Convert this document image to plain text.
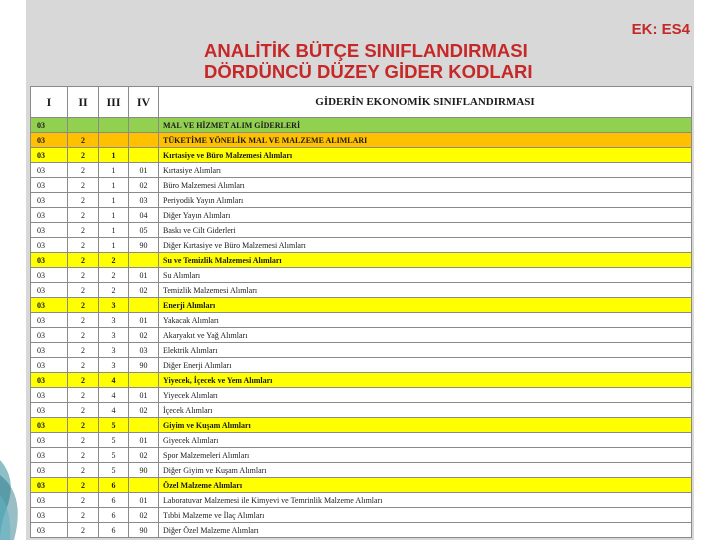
EK: ES4
ANALİTİK BÜTÇE SINIFLANDIRMASI
DÖRDÜNCÜ DÜZEY GİDER KODLARI
I	II	III	IV	GİDERİN EKONOMİK SINIFLANDIRMASI
03				MAL VE HİZMET ALIM GİDERLERİ
03	2			TÜKETİME YÖNELİK MAL VE MALZEME ALIMLARI
03	2	1		Kırtasiye ve Büro Malzemesi Alımları
03	2	1	01	Kırtasiye Alımları
03	2	1	02	Büro Malzemesi Alımları
03	2	1	03	Periyodik Yayın Alımları
03	2	1	04	Diğer Yayın Alımları
03	2	1	05	Baskı ve Cilt Giderleri
03	2	1	90	Diğer Kırtasiye ve Büro Malzemesi Alımları
03	2	2		Su ve Temizlik Malzemesi Alımları
03	2	2	01	Su Alımları
03	2	2	02	Temizlik Malzemesi Alımları
03	2	3		Enerji Alımları
03	2	3	01	Yakacak Alımları
03	2	3	02	Akaryakıt ve Yağ Alımları
03	2	3	03	Elektrik Alımları
03	2	3	90	Diğer Enerji Alımları
03	2	4		Yiyecek, İçecek ve Yem Alımları
03	2	4	01	Yiyecek Alımları
03	2	4	02	İçecek Alımları
03	2	5		Giyim ve Kuşam Alımları
03	2	5	01	Giyecek Alımları
03	2	5	02	Spor Malzemeleri Alımları
03	2	5	90	Diğer Giyim ve Kuşam Alımları
03	2	6		Özel Malzeme Alımları
03	2	6	01	Laboratuvar Malzemesi ile Kimyevi ve Temrinlik Malzeme Alımları
03	2	6	02	Tıbbi Malzeme ve İlaç Alımları
03	2	6	90	Diğer Özel Malzeme Alımları
